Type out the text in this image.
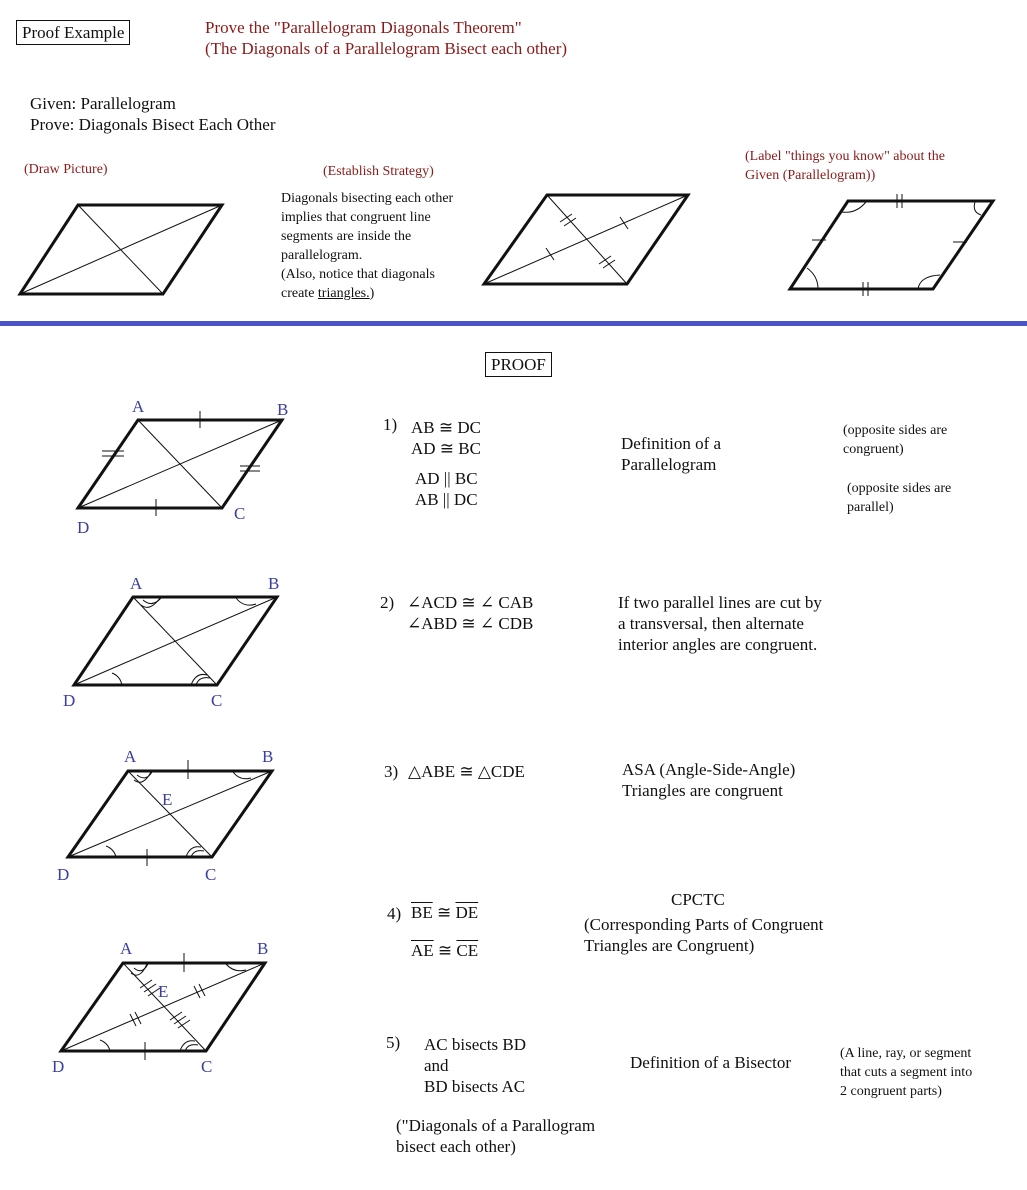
Proof Example	Prove the "Parallelogram Diagonals Theorem"
(The Diagonals of a Parallelogram Bisect each other)
Given: Parallelogram
Prove: Diagonals Bisect Each Other
(Draw Picture)	(Establish Strategy)
Diagonals bisecting each other
implies that congruent line
segments are inside the
parallelogram.
(Also, notice that diagonals
create triangles.)
(Label "things you know" about the
Given (Parallelogram))
PROOF
A	B
C
D
1) AB ≅ DC
AD ≅ BC
AD || BC
AB || DC
Definition of a
Parallelogram
(opposite sides are
congruent)
(opposite sides are
parallel)
A	B
C
D
2) ∠ACD ≅ ∠ CAB
∠ABD ≅ ∠ CDB
If two parallel lines are cut by
a transversal, then alternate
interior angles are congruent.
A	B
C
D
E
3) △ABE ≅ △CDE	ASA (Angle-Side-Angle)
Triangles are congruent
A	B
C
D
E
4) $\overline{BE}$ ≅ $\overline{DE}$
$\overline{AE}$ ≅ $\overline{CE}$
CPCTC
(Corresponding Parts of Congruent
Triangles are Congruent)
5) AC bisects BD
and
BD bisects AC
Definition of a Bisector	(A line, ray, or segment
that cuts a segment into
2 congruent parts)
("Diagonals of a Parallogram
bisect each other)
